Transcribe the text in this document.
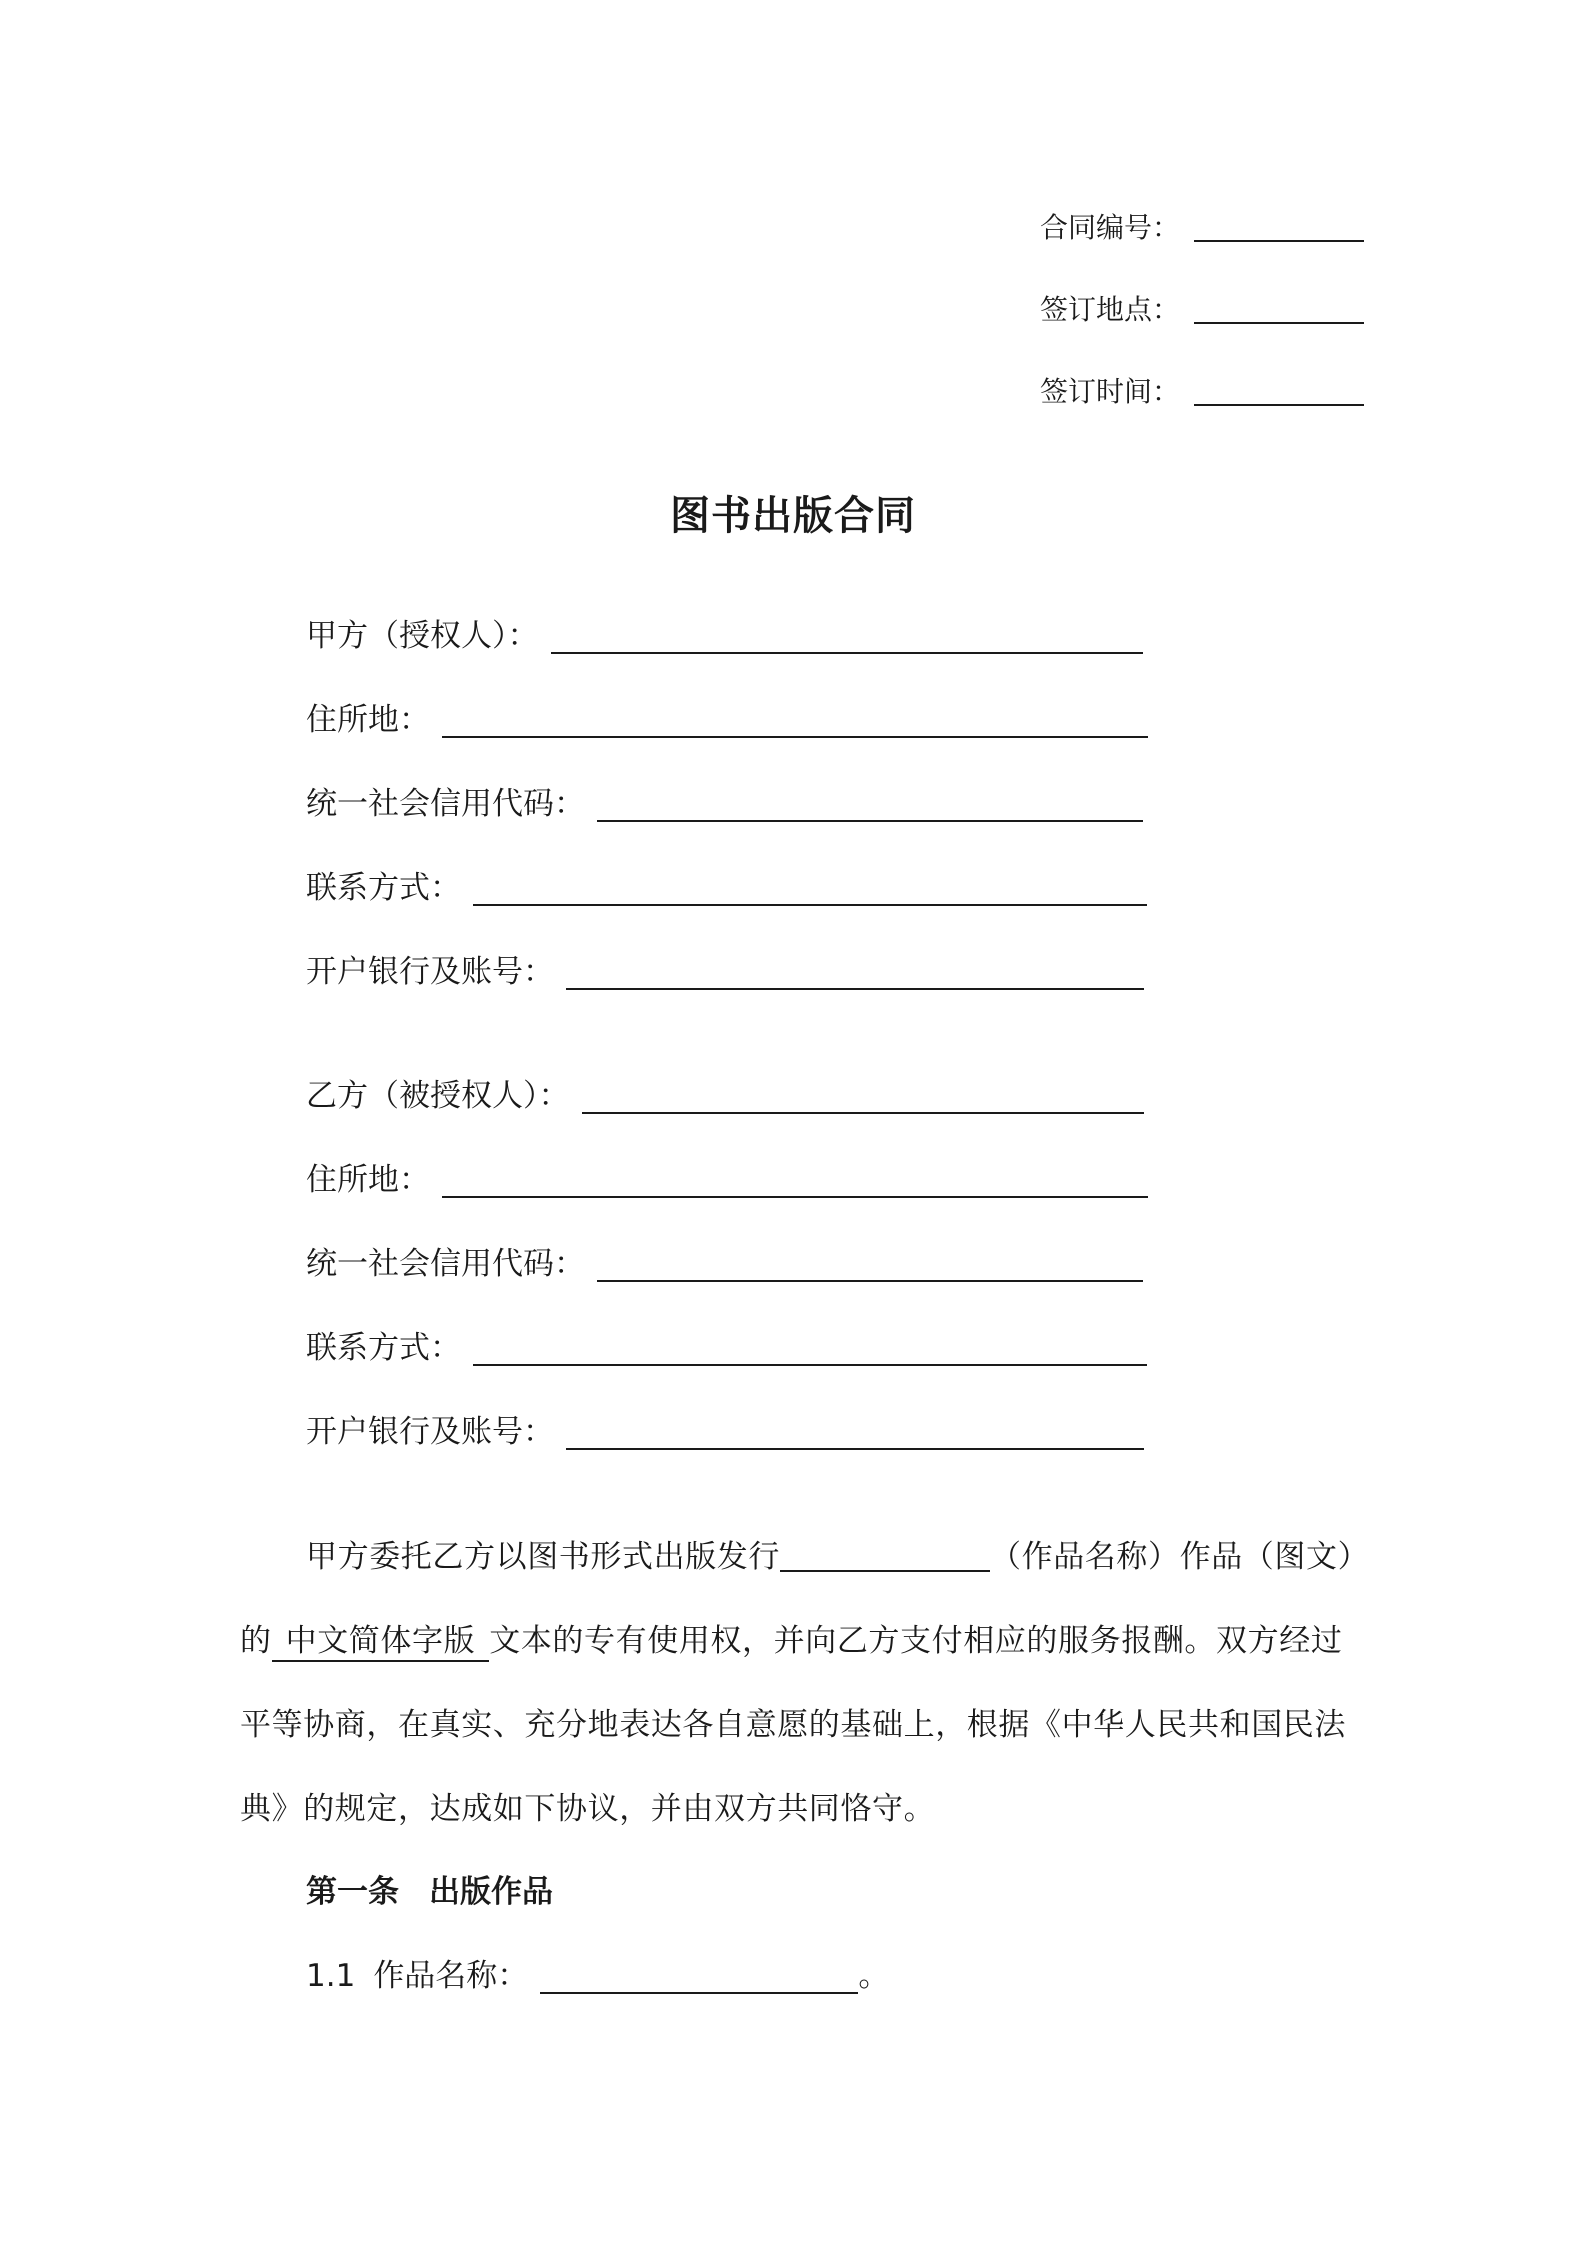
合同编号：
签订地点：
签订时间：
图书出版合同
甲方（授权人）：
住所地：
统一社会信用代码：
联系方式：
开户银行及账号：
乙方（被授权人）：
住所地：
统一社会信用代码：
联系方式：
开户银行及账号：
甲方委托乙方以图书形式出版发行	（作品名称）作品（图文）
的 中文简体字版 文本的专有使用权，并向乙方支付相应的服务报酬。双方经过
平等协商，在真实、充分地表达各自意愿的基础上，根据《中华人民共和国民法
典》的规定，达成如下协议，并由双方共同恪守。
第一条 出版作品
1.1 作品名称：	。
